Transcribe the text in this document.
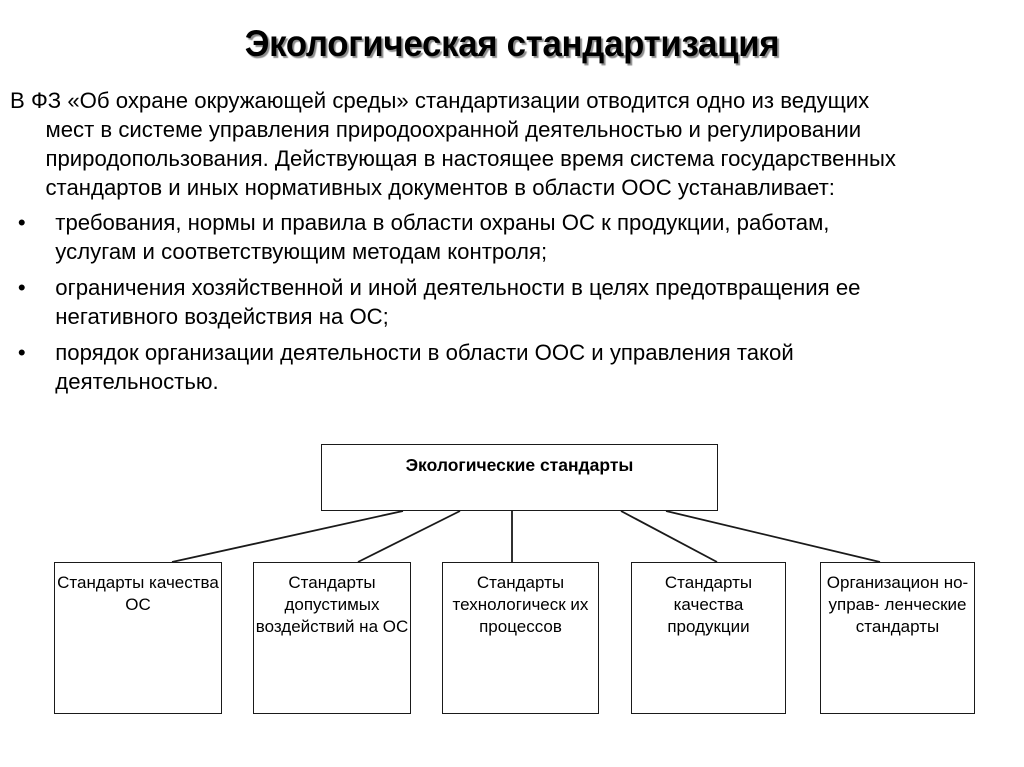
Экологическая стандартизация

В ФЗ «Об охране окружающей среды» стандартизации отводится одно из ведущих мест в системе управления природоохранной деятельностью и регулировании природопользования. Действующая в настоящее время система государственных стандартов и иных нормативных документов в области ООС устанавливает:

• требования, нормы и правила в области охраны ОС к продукции, работам, услугам и соответствующим методам контроля;
• ограничения хозяйственной и иной деятельности в целях предотвращения ее негативного воздействия на ОС;
• порядок организации деятельности в области ООС и управления такой деятельностью.
Экологические стандарты
Стандарты качества ОС
Стандарты допустимых воздействий на ОС
Стандарты технологическ их процессов
Стандарты качества продукции
Организацион но-управ- ленческие стандарты
